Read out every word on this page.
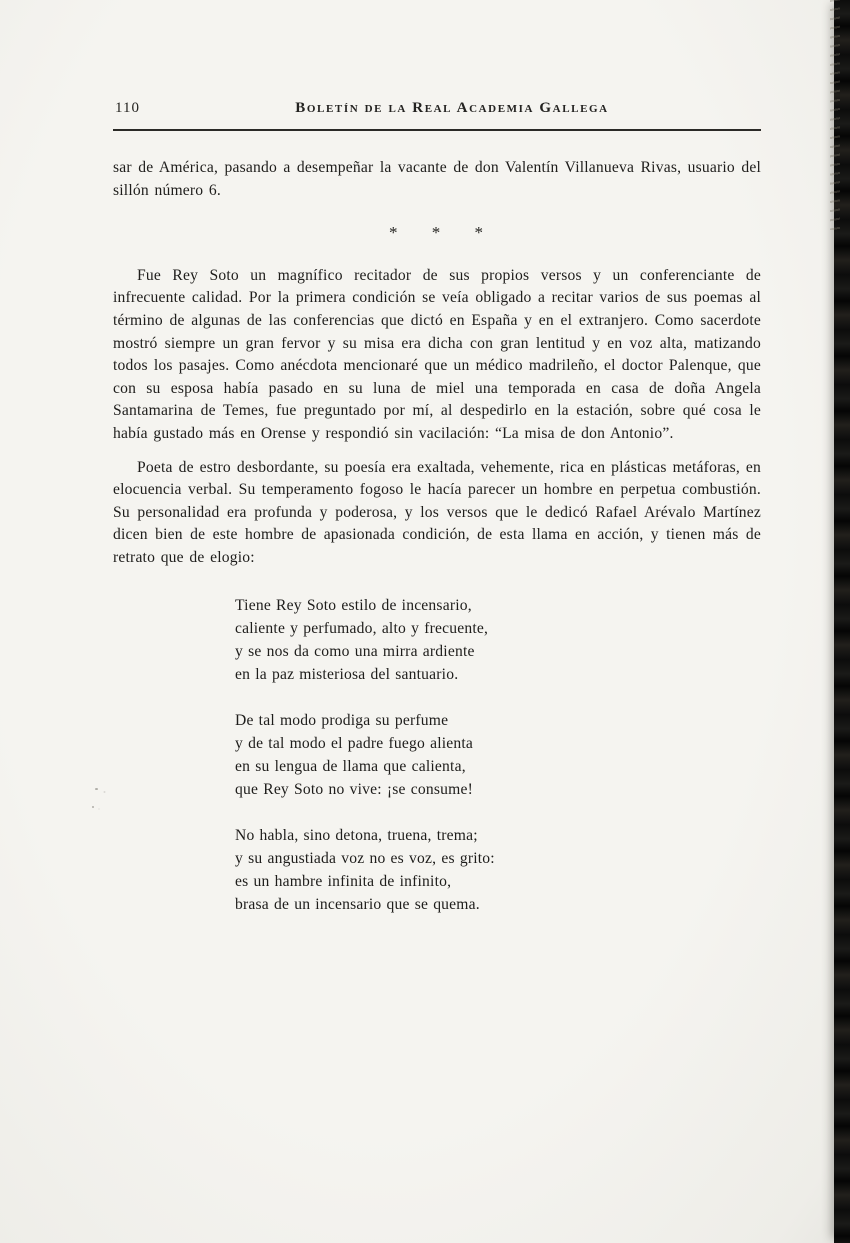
110	Boletín de la Real Academia Gallega

sar de América, pasando a desempeñar la vacante de don Valentín Villanueva Rivas, usuario del sillón número 6.

* * *

Fue Rey Soto un magnífico recitador de sus propios versos y un conferenciante de infrecuente calidad. Por la primera condición se veía obligado a recitar varios de sus poemas al término de algunas de las conferencias que dictó en España y en el extranjero. Como sacerdote mostró siempre un gran fervor y su misa era dicha con gran lentitud y en voz alta, matizando todos los pasajes. Como anécdota mencionaré que un médico madrileño, el doctor Palenque, que con su esposa había pasado en su luna de miel una temporada en casa de doña Angela Santamarina de Temes, fue preguntado por mí, al despedirlo en la estación, sobre qué cosa le había gustado más en Orense y respondió sin vacilación: “La misa de don Antonio”.

Poeta de estro desbordante, su poesía era exaltada, vehemente, rica en plásticas metáforas, en elocuencia verbal. Su temperamento fogoso le hacía parecer un hombre en perpetua combustión. Su personalidad era profunda y poderosa, y los versos que le dedicó Rafael Arévalo Martínez dicen bien de este hombre de apasionada condición, de esta llama en acción, y tienen más de retrato que de elogio:

Tiene Rey Soto estilo de incensario,
caliente y perfumado, alto y frecuente,
y se nos da como una mirra ardiente
en la paz misteriosa del santuario.
De tal modo prodiga su perfume
y de tal modo el padre fuego alienta
en su lengua de llama que calienta,
que Rey Soto no vive: ¡se consume!
No habla, sino detona, truena, trema;
y su angustiada voz no es voz, es grito:
es un hambre infinita de infinito,
brasa de un incensario que se quema.
